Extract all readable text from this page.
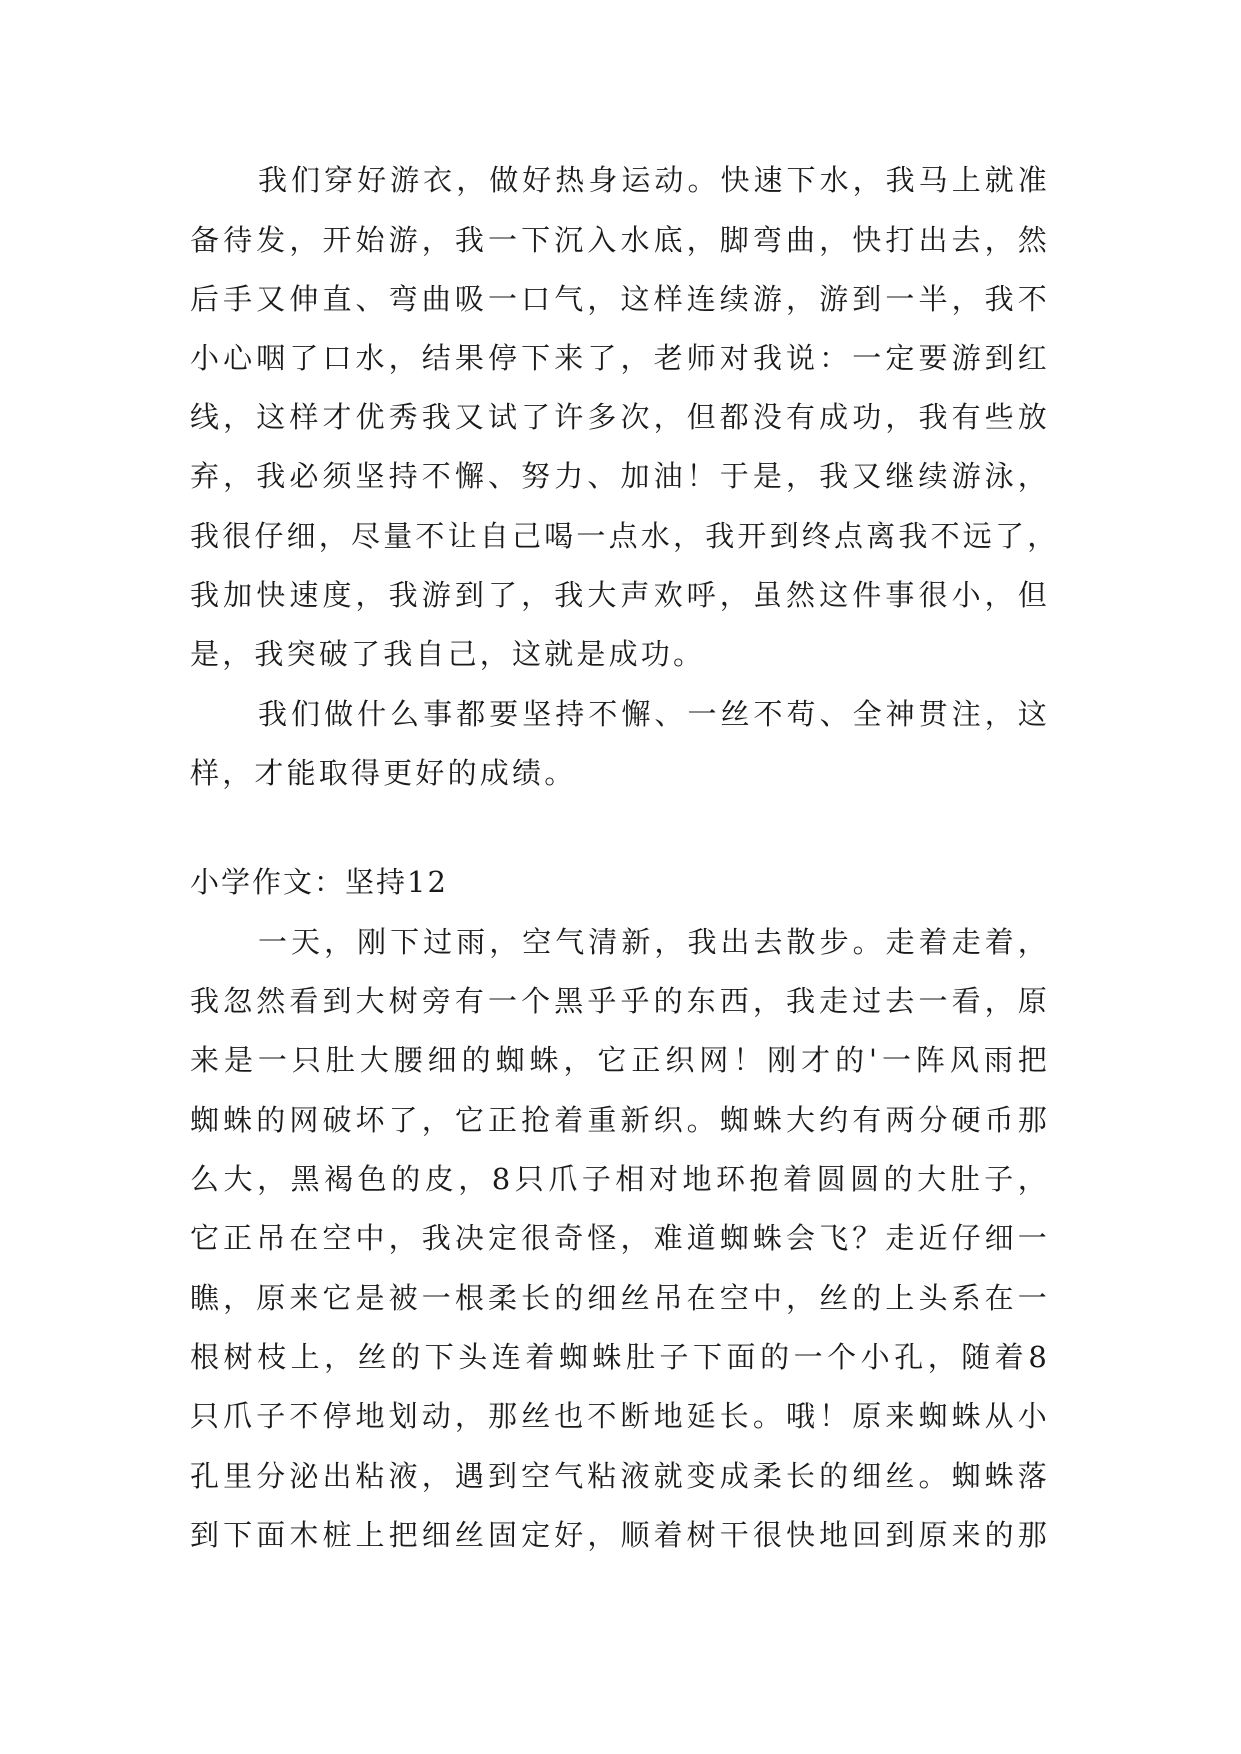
我们穿好游衣，做好热身运动。快速下水，我马上就准
备待发，开始游，我一下沉入水底，脚弯曲，快打出去，然
后手又伸直、弯曲吸一口气，这样连续游，游到一半，我不
小心咽了口水，结果停下来了，老师对我说：一定要游到红
线，这样才优秀我又试了许多次，但都没有成功，我有些放
弃，我必须坚持不懈、努力、加油！于是，我又继续游泳，
我很仔细，尽量不让自己喝一点水，我开到终点离我不远了，
我加快速度，我游到了，我大声欢呼，虽然这件事很小，但
是，我突破了我自己，这就是成功。
我们做什么事都要坚持不懈、一丝不苟、全神贯注，这
样，才能取得更好的成绩。
小学作文：坚持12
一天，刚下过雨，空气清新，我出去散步。走着走着，
我忽然看到大树旁有一个黑乎乎的东西，我走过去一看，原
来是一只肚大腰细的蜘蛛，它正织网！刚才的'一阵风雨把
蜘蛛的网破坏了，它正抢着重新织。蜘蛛大约有两分硬币那
么大，黑褐色的皮，8只爪子相对地环抱着圆圆的大肚子，
它正吊在空中，我决定很奇怪，难道蜘蛛会飞？走近仔细一
瞧，原来它是被一根柔长的细丝吊在空中，丝的上头系在一
根树枝上，丝的下头连着蜘蛛肚子下面的一个小孔，随着8
只爪子不停地划动，那丝也不断地延长。哦！原来蜘蛛从小
孔里分泌出粘液，遇到空气粘液就变成柔长的细丝。蜘蛛落
到下面木桩上把细丝固定好，顺着树干很快地回到原来的那
